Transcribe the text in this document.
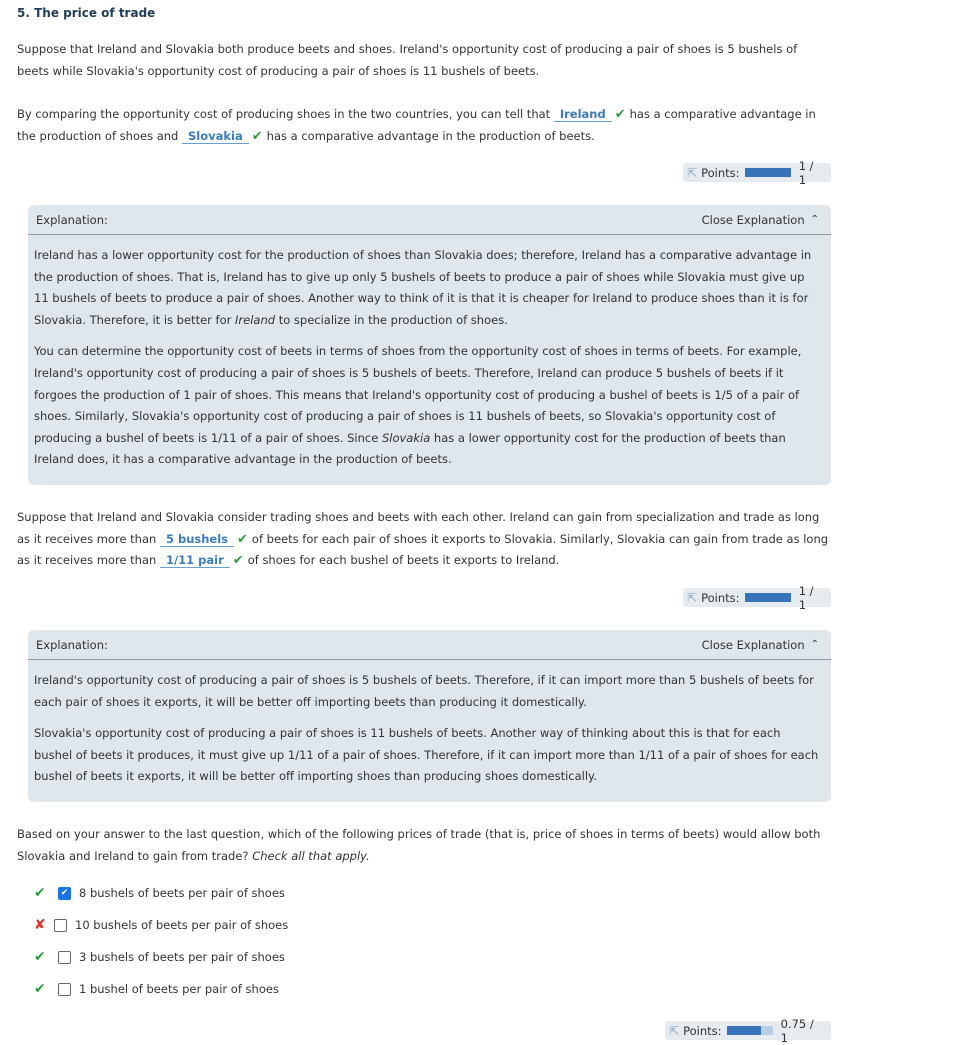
5. The price of trade

Suppose that Ireland and Slovakia both produce beets and shoes. Ireland's opportunity cost of producing a pair of shoes is 5 bushels of beets while Slovakia's opportunity cost of producing a pair of shoes is 11 bushels of beets.

By comparing the opportunity cost of producing shoes in the two countries, you can tell that Ireland ✔ has a comparative advantage in the production of shoes and Slovakia ✔ has a comparative advantage in the production of beets.

⇱ Points:	1 / 1
Explanation:	Close Explanation ⌃

Ireland has a lower opportunity cost for the production of shoes than Slovakia does; therefore, Ireland has a comparative advantage in the production of shoes. That is, Ireland has to give up only 5 bushels of beets to produce a pair of shoes while Slovakia must give up 11 bushels of beets to produce a pair of shoes. Another way to think of it is that it is cheaper for Ireland to produce shoes than it is for Slovakia. Therefore, it is better for Ireland to specialize in the production of shoes.

You can determine the opportunity cost of beets in terms of shoes from the opportunity cost of shoes in terms of beets. For example, Ireland's opportunity cost of producing a pair of shoes is 5 bushels of beets. Therefore, Ireland can produce 5 bushels of beets if it forgoes the production of 1 pair of shoes. This means that Ireland's opportunity cost of producing a bushel of beets is 1/5 of a pair of shoes. Similarly, Slovakia's opportunity cost of producing a pair of shoes is 11 bushels of beets, so Slovakia's opportunity cost of producing a bushel of beets is 1/11 of a pair of shoes. Since Slovakia has a lower opportunity cost for the production of beets than Ireland does, it has a comparative advantage in the production of beets.

Suppose that Ireland and Slovakia consider trading shoes and beets with each other. Ireland can gain from specialization and trade as long as it receives more than 5 bushels ✔ of beets for each pair of shoes it exports to Slovakia. Similarly, Slovakia can gain from trade as long as it receives more than 1/11 pair ✔ of shoes for each bushel of beets it exports to Ireland.

⇱ Points:	1 / 1
Explanation:	Close Explanation ⌃

Ireland's opportunity cost of producing a pair of shoes is 5 bushels of beets. Therefore, if it can import more than 5 bushels of beets for each pair of shoes it exports, it will be better off importing beets than producing it domestically.

Slovakia's opportunity cost of producing a pair of shoes is 11 bushels of beets. Another way of thinking about this is that for each bushel of beets it produces, it must give up 1/11 of a pair of shoes. Therefore, if it can import more than 1/11 of a pair of shoes for each bushel of beets it exports, it will be better off importing shoes than producing shoes domestically.

Based on your answer to the last question, which of the following prices of trade (that is, price of shoes in terms of beets) would allow both Slovakia and Ireland to gain from trade? Check all that apply.

✔	✔ 8 bushels of beets per pair of shoes
✘	10 bushels of beets per pair of shoes
✔	3 bushels of beets per pair of shoes
✔	1 bushel of beets per pair of shoes
⇱ Points:	0.75 / 1
